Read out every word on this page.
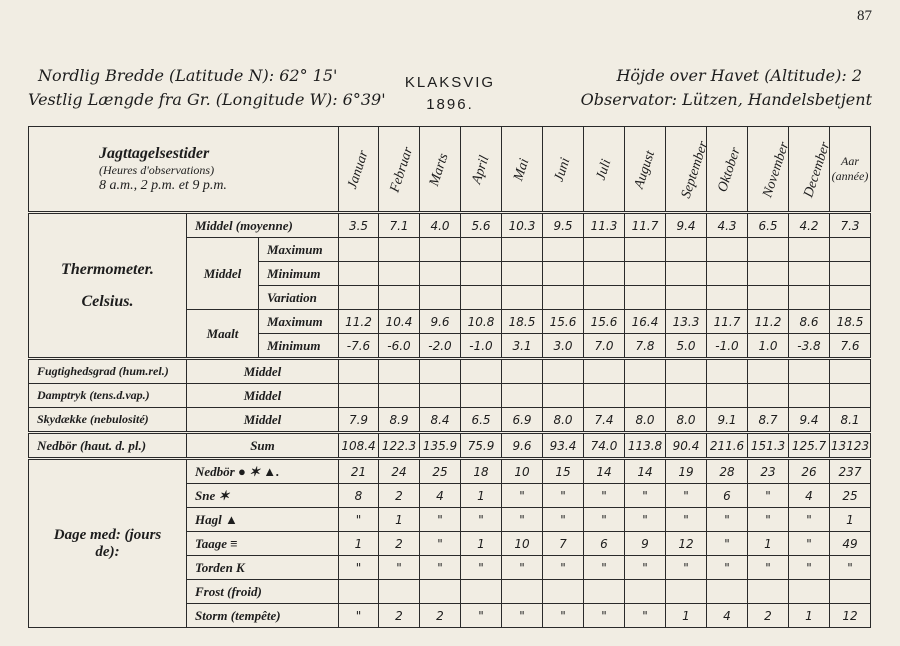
87
Nordlig Bredde (Latitude N): 62° 15'
Vestlig Længde fra Gr. (Longitude W): 6°39'
KLAKSVIG
1896.
Höjde over Havet (Altitude): 2
Observator: Lützen, Handelsbetjent
Jagttagelsestider
(Heures d'observations)
8 a.m., 2 p.m. et 9 p.m.			Januar	Februar	Marts	April	Mai	Juni	Juli	August	September	Oktober	November	December	Aar (année)

Thermometer. Celsius.	Middel (moyenne)		3.5	7.1	4.0	5.6	10.3	9.5	11.3	11.7	9.4	4.3	6.5	4.2	7.3
	Middel	Maximum													
		Minimum													
		Variation													
	Maalt	Maximum	11.2	10.4	9.6	10.8	18.5	15.6	15.6	16.4	13.3	11.7	11.2	8.6	18.5
		Minimum	-7.6	-6.0	-2.0	-1.0	3.1	3.0	7.0	7.8	5.0	-1.0	1.0	-3.8	7.6
Fugtighedsgrad (hum.rel.)	Middel														
Damptryk (tens.d.vap.)	Middel														
Skydække (nebulosité)	Middel		7.9	8.9	8.4	6.5	6.9	8.0	7.4	8.0	8.0	9.1	8.7	9.4	8.1
Nedbör (haut. d. pl.)	Sum		108.4	122.3	135.9	75.9	9.6	93.4	74.0	113.8	90.4	211.6	151.3	125.7	13123

Dage med: (jours de):	Nedbör ● ✶ ▲.		21	24	25	18	10	15	14	14	19	28	23	26	237
	Sne ✶		8	2	4	1	"	"	"	"	"	6	"	4	25
	Hagl ▲		"	1	"	"	"	"	"	"	"	"	"	"	1
	Taage ≡		1	2	"	1	10	7	6	9	12	"	1	"	49
	Torden K		"	"	"	"	"	"	"	"	"	"	"	"	"
	Frost (froid)														
	Storm (tempête)		"	2	2	"	"	"	"	"	1	4	2	1	12
